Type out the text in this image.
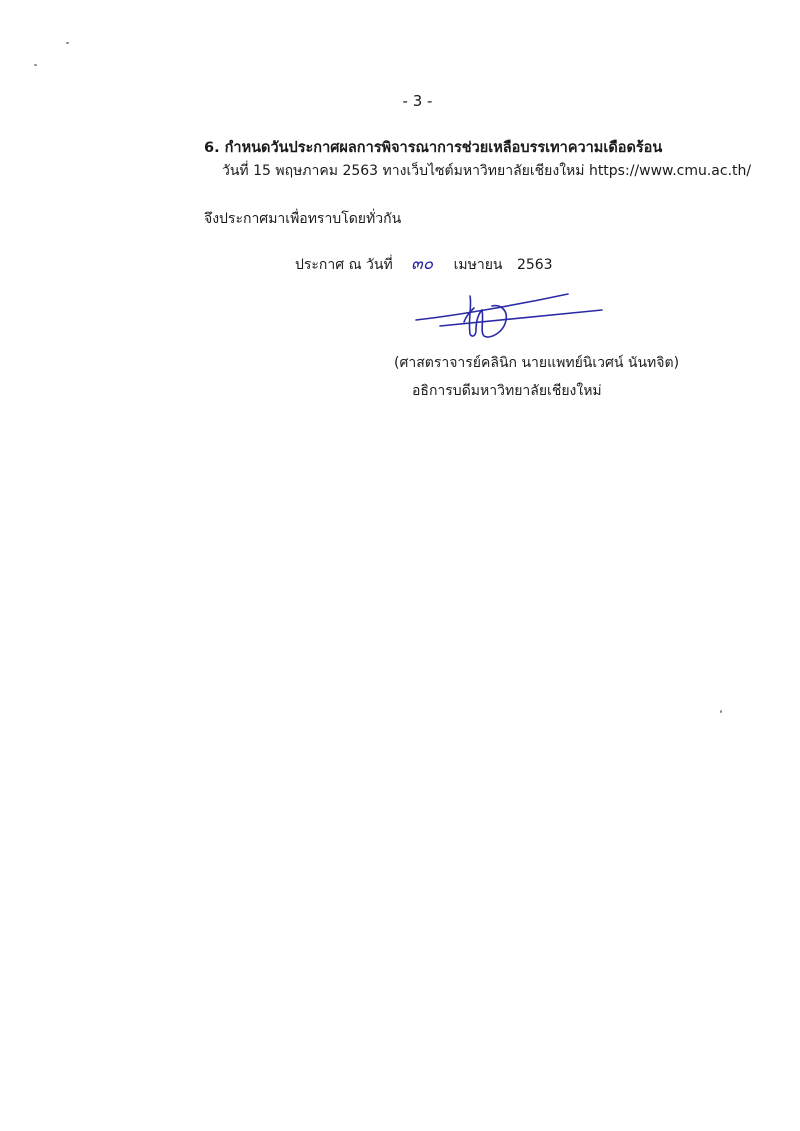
- 3 -
6. กำหนดวันประกาศผลการพิจารณาการช่วยเหลือบรรเทาความเดือดร้อน
วันที่ 15 พฤษภาคม 2563 ทางเว็บไซต์มหาวิทยาลัยเชียงใหม่ https://www.cmu.ac.th/
จึงประกาศมาเพื่อทราบโดยทั่วกัน
ประกาศ ณ วันที่ ๓๐ เมษายน 2563
(ศาสตราจารย์คลินิก นายแพทย์นิเวศน์ นันทจิต)
อธิการบดีมหาวิทยาลัยเชียงใหม่
